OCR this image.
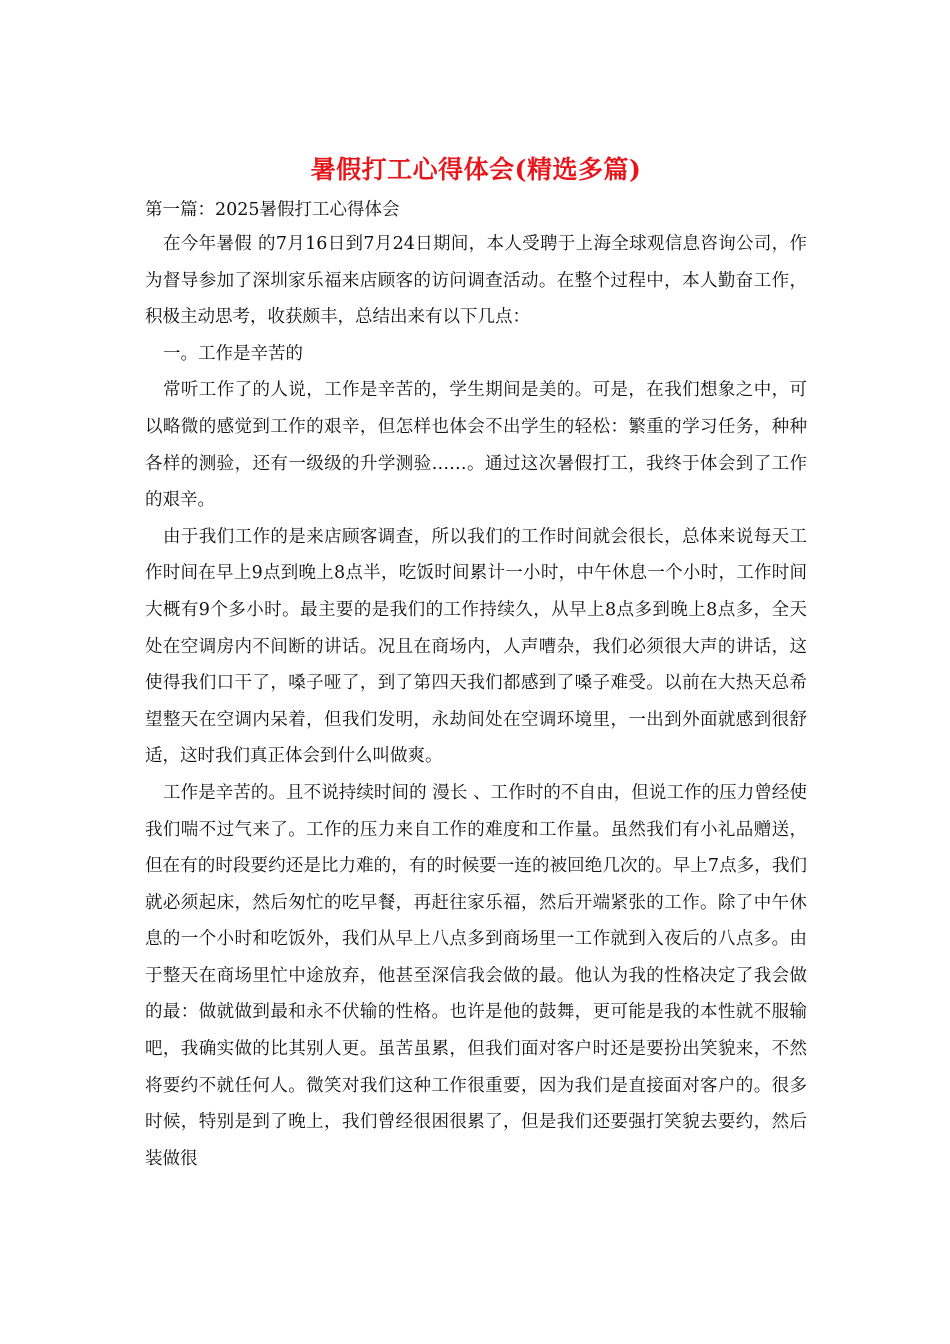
暑假打工心得体会(精选多篇)

第一篇：2025暑假打工心得体会

在今年暑假 的7月16日到7月24日期间，本人受聘于上海全球观信息咨询公司，作为督导参加了深圳家乐福来店顾客的访问调查活动。在整个过程中，本人勤奋工作，积极主动思考，收获颇丰，总结出来有以下几点：

一。工作是辛苦的

常听工作了的人说，工作是辛苦的，学生期间是美的。可是，在我们想象之中，可以略微的感觉到工作的艰辛，但怎样也体会不出学生的轻松：繁重的学习任务，种种各样的测验，还有一级级的升学测验……。通过这次暑假打工，我终于体会到了工作的艰辛。

由于我们工作的是来店顾客调查，所以我们的工作时间就会很长，总体来说每天工作时间在早上9点到晚上8点半，吃饭时间累计一小时，中午休息一个小时，工作时间大概有9个多小时。最主要的是我们的工作持续久，从早上8点多到晚上8点多，全天处在空调房内不间断的讲话。况且在商场内，人声嘈杂，我们必须很大声的讲话，这使得我们口干了，嗓子哑了，到了第四天我们都感到了嗓子难受。以前在大热天总希望整天在空调内呆着，但我们发明，永劫间处在空调环境里，一出到外面就感到很舒适，这时我们真正体会到什么叫做爽。

工作是辛苦的。且不说持续时间的 漫长 、工作时的不自由，但说工作的压力曾经使我们喘不过气来了。工作的压力来自工作的难度和工作量。虽然我们有小礼品赠送，但在有的时段要约还是比力难的，有的时候要一连的被回绝几次的。早上7点多，我们就必须起床，然后匆忙的吃早餐，再赶往家乐福，然后开端紧张的工作。除了中午休息的一个小时和吃饭外，我们从早上八点多到商场里一工作就到入夜后的八点多。由于整天在商场里忙中途放弃，他甚至深信我会做的最。他认为我的性格决定了我会做的最：做就做到最和永不伏输的性格。也许是他的鼓舞，更可能是我的本性就不服输吧，我确实做的比其别人更。虽苦虽累，但我们面对客户时还是要扮出笑貌来，不然将要约不就任何人。微笑对我们这种工作很重要，因为我们是直接面对客户的。很多时候，特别是到了晚上，我们曾经很困很累了，但是我们还要强打笑貌去要约，然后装做很
